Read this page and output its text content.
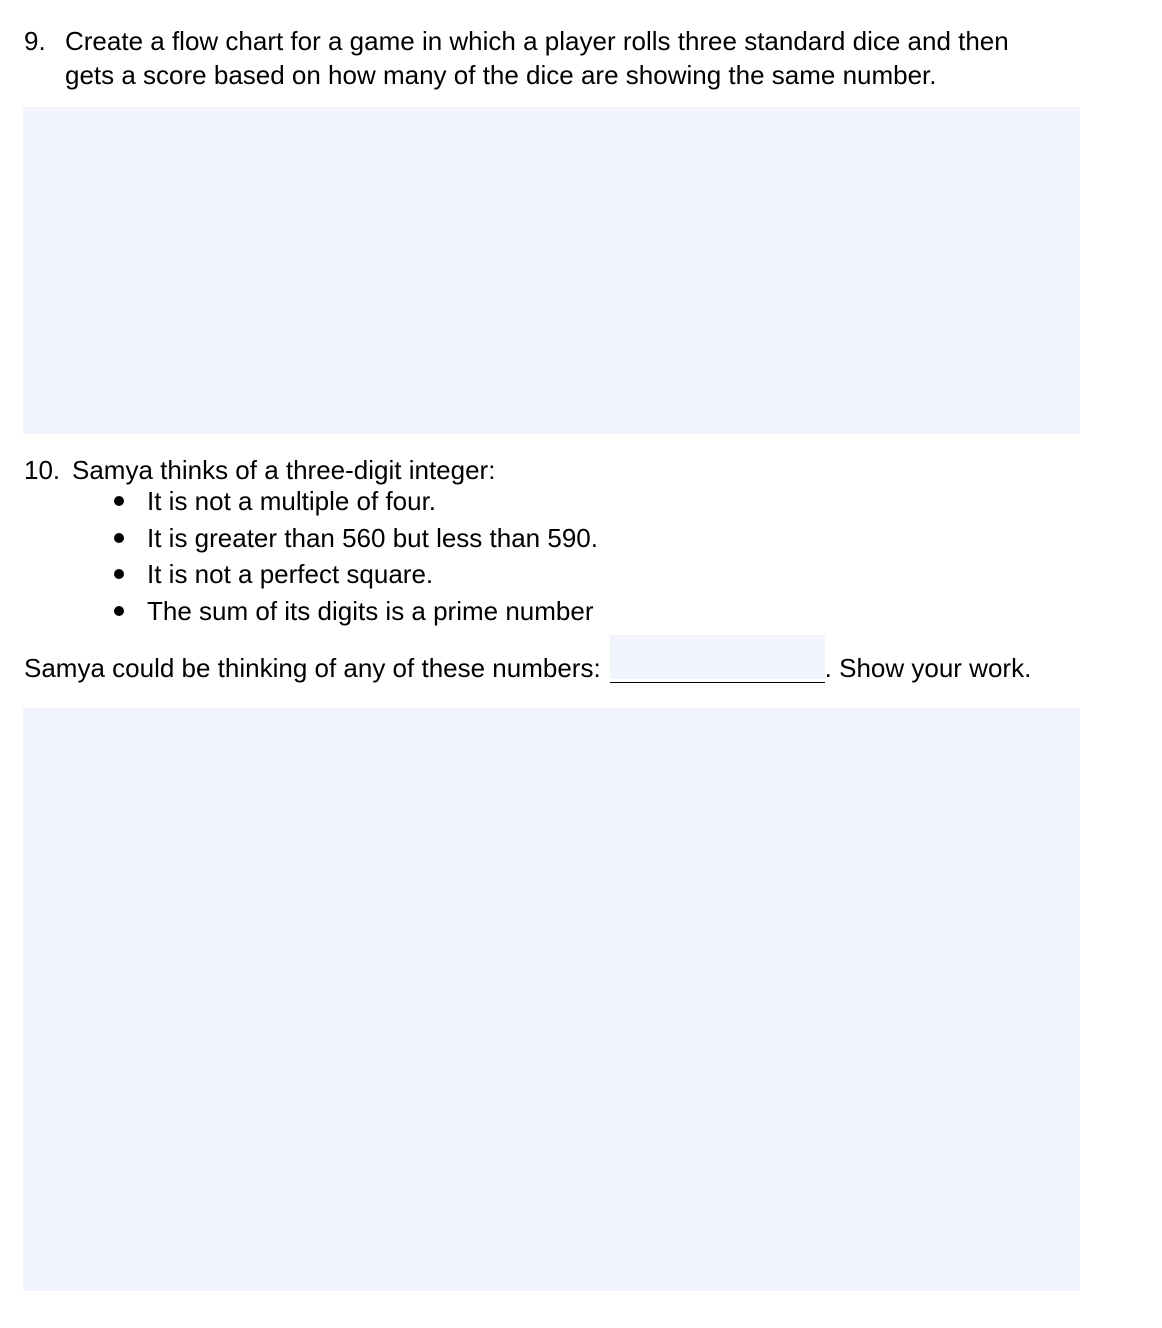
9. Create a flow chart for a game in which a player rolls three standard dice and then
gets a score based on how many of the dice are showing the same number.
10. Samya thinks of a three-digit integer:
It is not a multiple of four.
It is greater than 560 but less than 590.
It is not a perfect square.
The sum of its digits is a prime number
Samya could be thinking of any of these numbers:	. Show your work.
